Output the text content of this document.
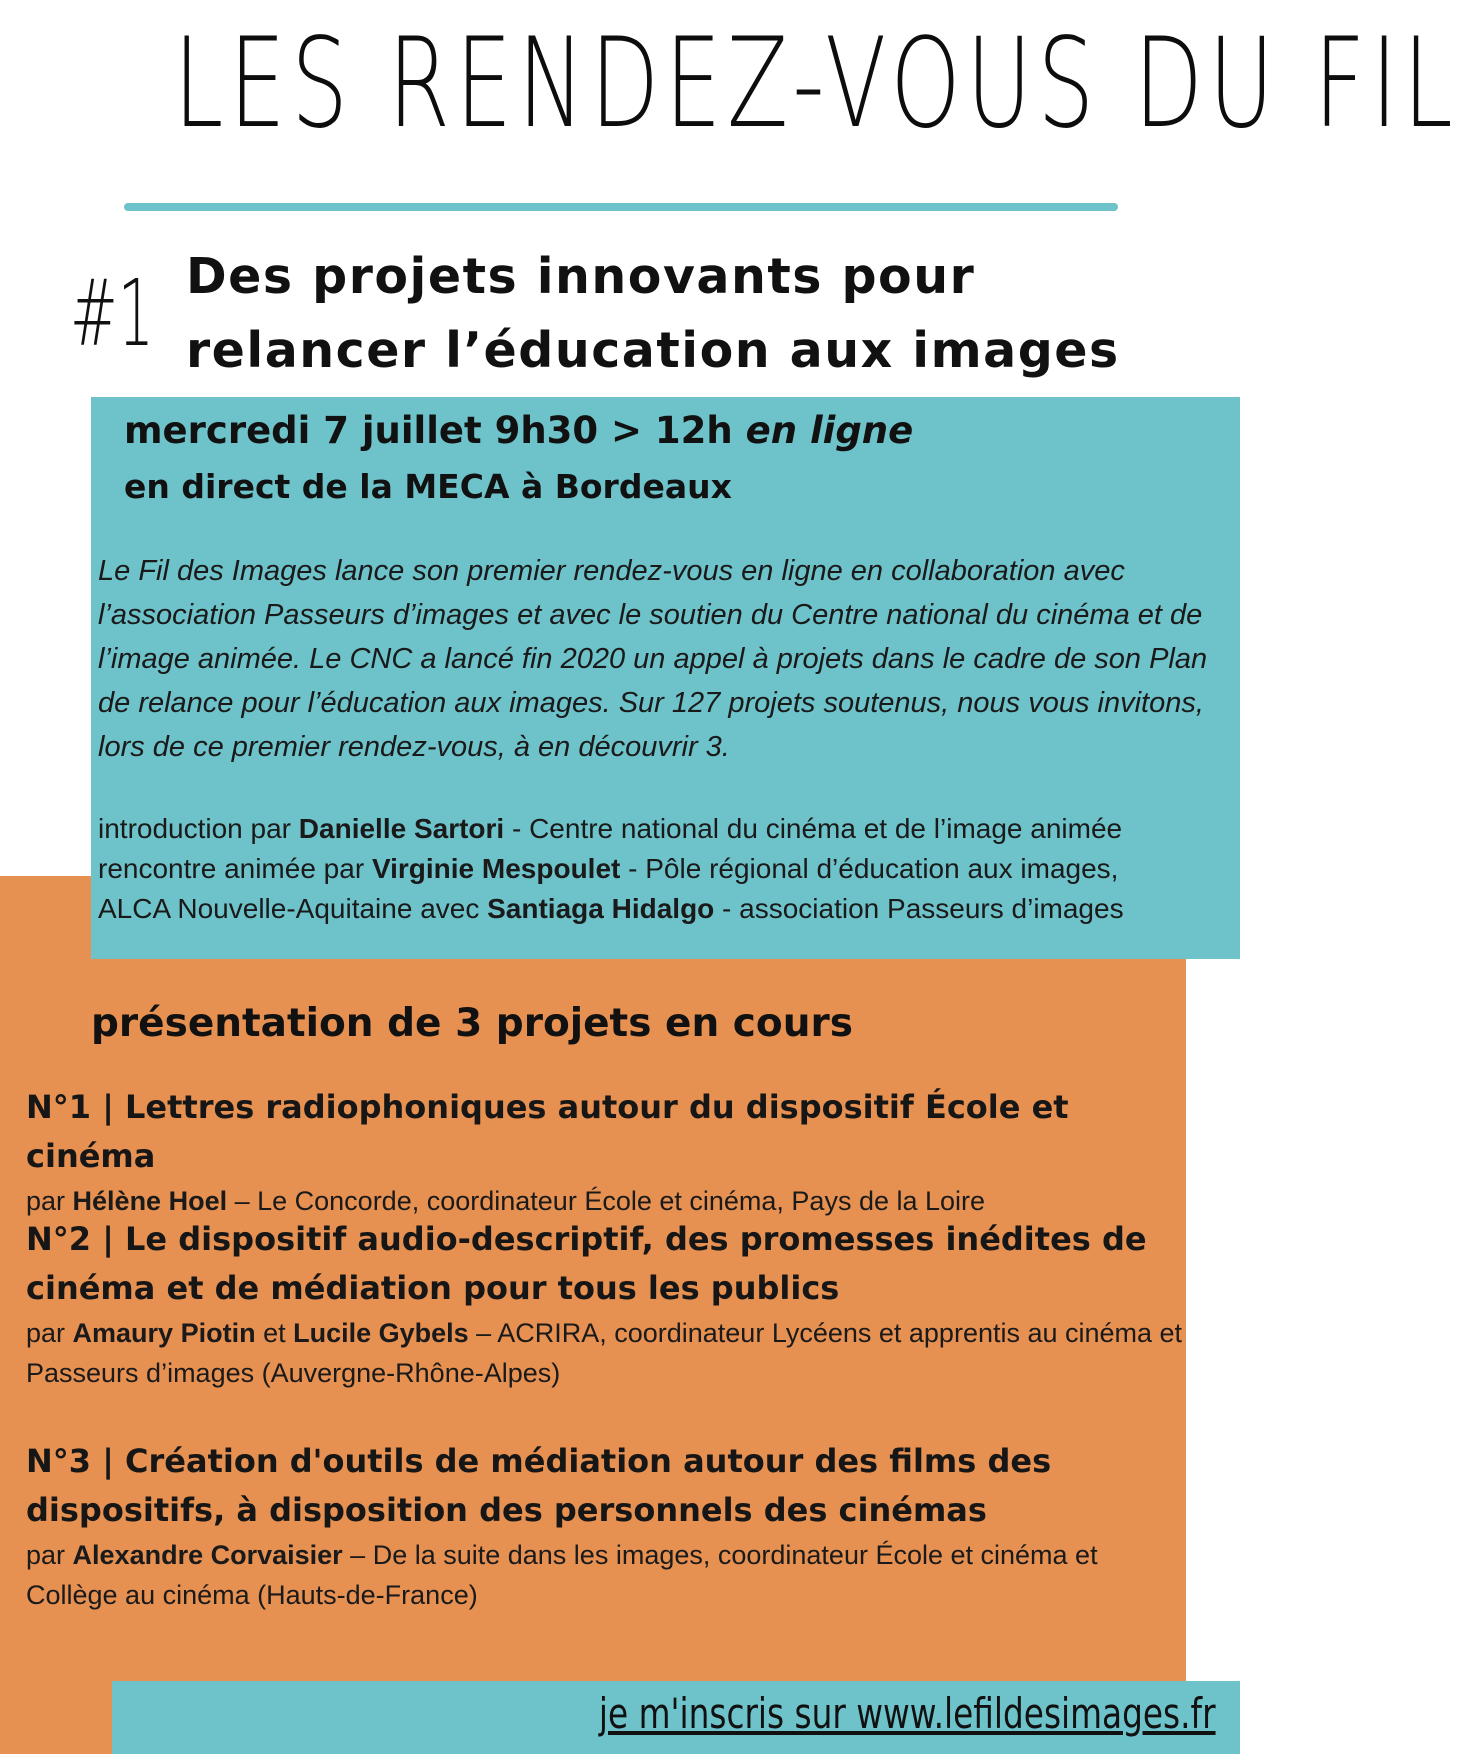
LES RENDEZ-VOUS DU FIL
#1 Des projets innovants pour
relancer l’éducation aux images
mercredi 7 juillet 9h30 > 12h en ligne
en direct de la MECA à Bordeaux
Le Fil des Images lance son premier rendez-vous en ligne en collaboration avec l’association Passeurs d’images et avec le soutien du Centre national du cinéma et de l’image animée. Le CNC a lancé fin 2020 un appel à projets dans le cadre de son Plan de relance pour l’éducation aux images. Sur 127 projets soutenus, nous vous invitons, lors de ce premier rendez-vous, à en découvrir 3.

introduction par Danielle Sartori - Centre national du cinéma et de l’image animée

rencontre animée par Virginie Mespoulet - Pôle régional d’éducation aux images,

ALCA Nouvelle-Aquitaine avec Santiaga Hidalgo - association Passeurs d’images

présentation de 3 projets en cours
N°1 | Lettres radiophoniques autour du dispositif École et cinéma

par Hélène Hoel – Le Concorde, coordinateur École et cinéma, Pays de la Loire

N°2 | Le dispositif audio-descriptif, des promesses inédites de cinéma et de médiation pour tous les publics

par Amaury Piotin et Lucile Gybels – ACRIRA, coordinateur Lycéens et apprentis au cinéma et Passeurs d’images (Auvergne-Rhône-Alpes)

N°3 | Création d'outils de médiation autour des films des dispositifs, à disposition des personnels des cinémas

par Alexandre Corvaisier – De la suite dans les images, coordinateur École et cinéma et Collège au cinéma (Hauts-de-France)

je m'inscris sur www.lefildesimages.fr
